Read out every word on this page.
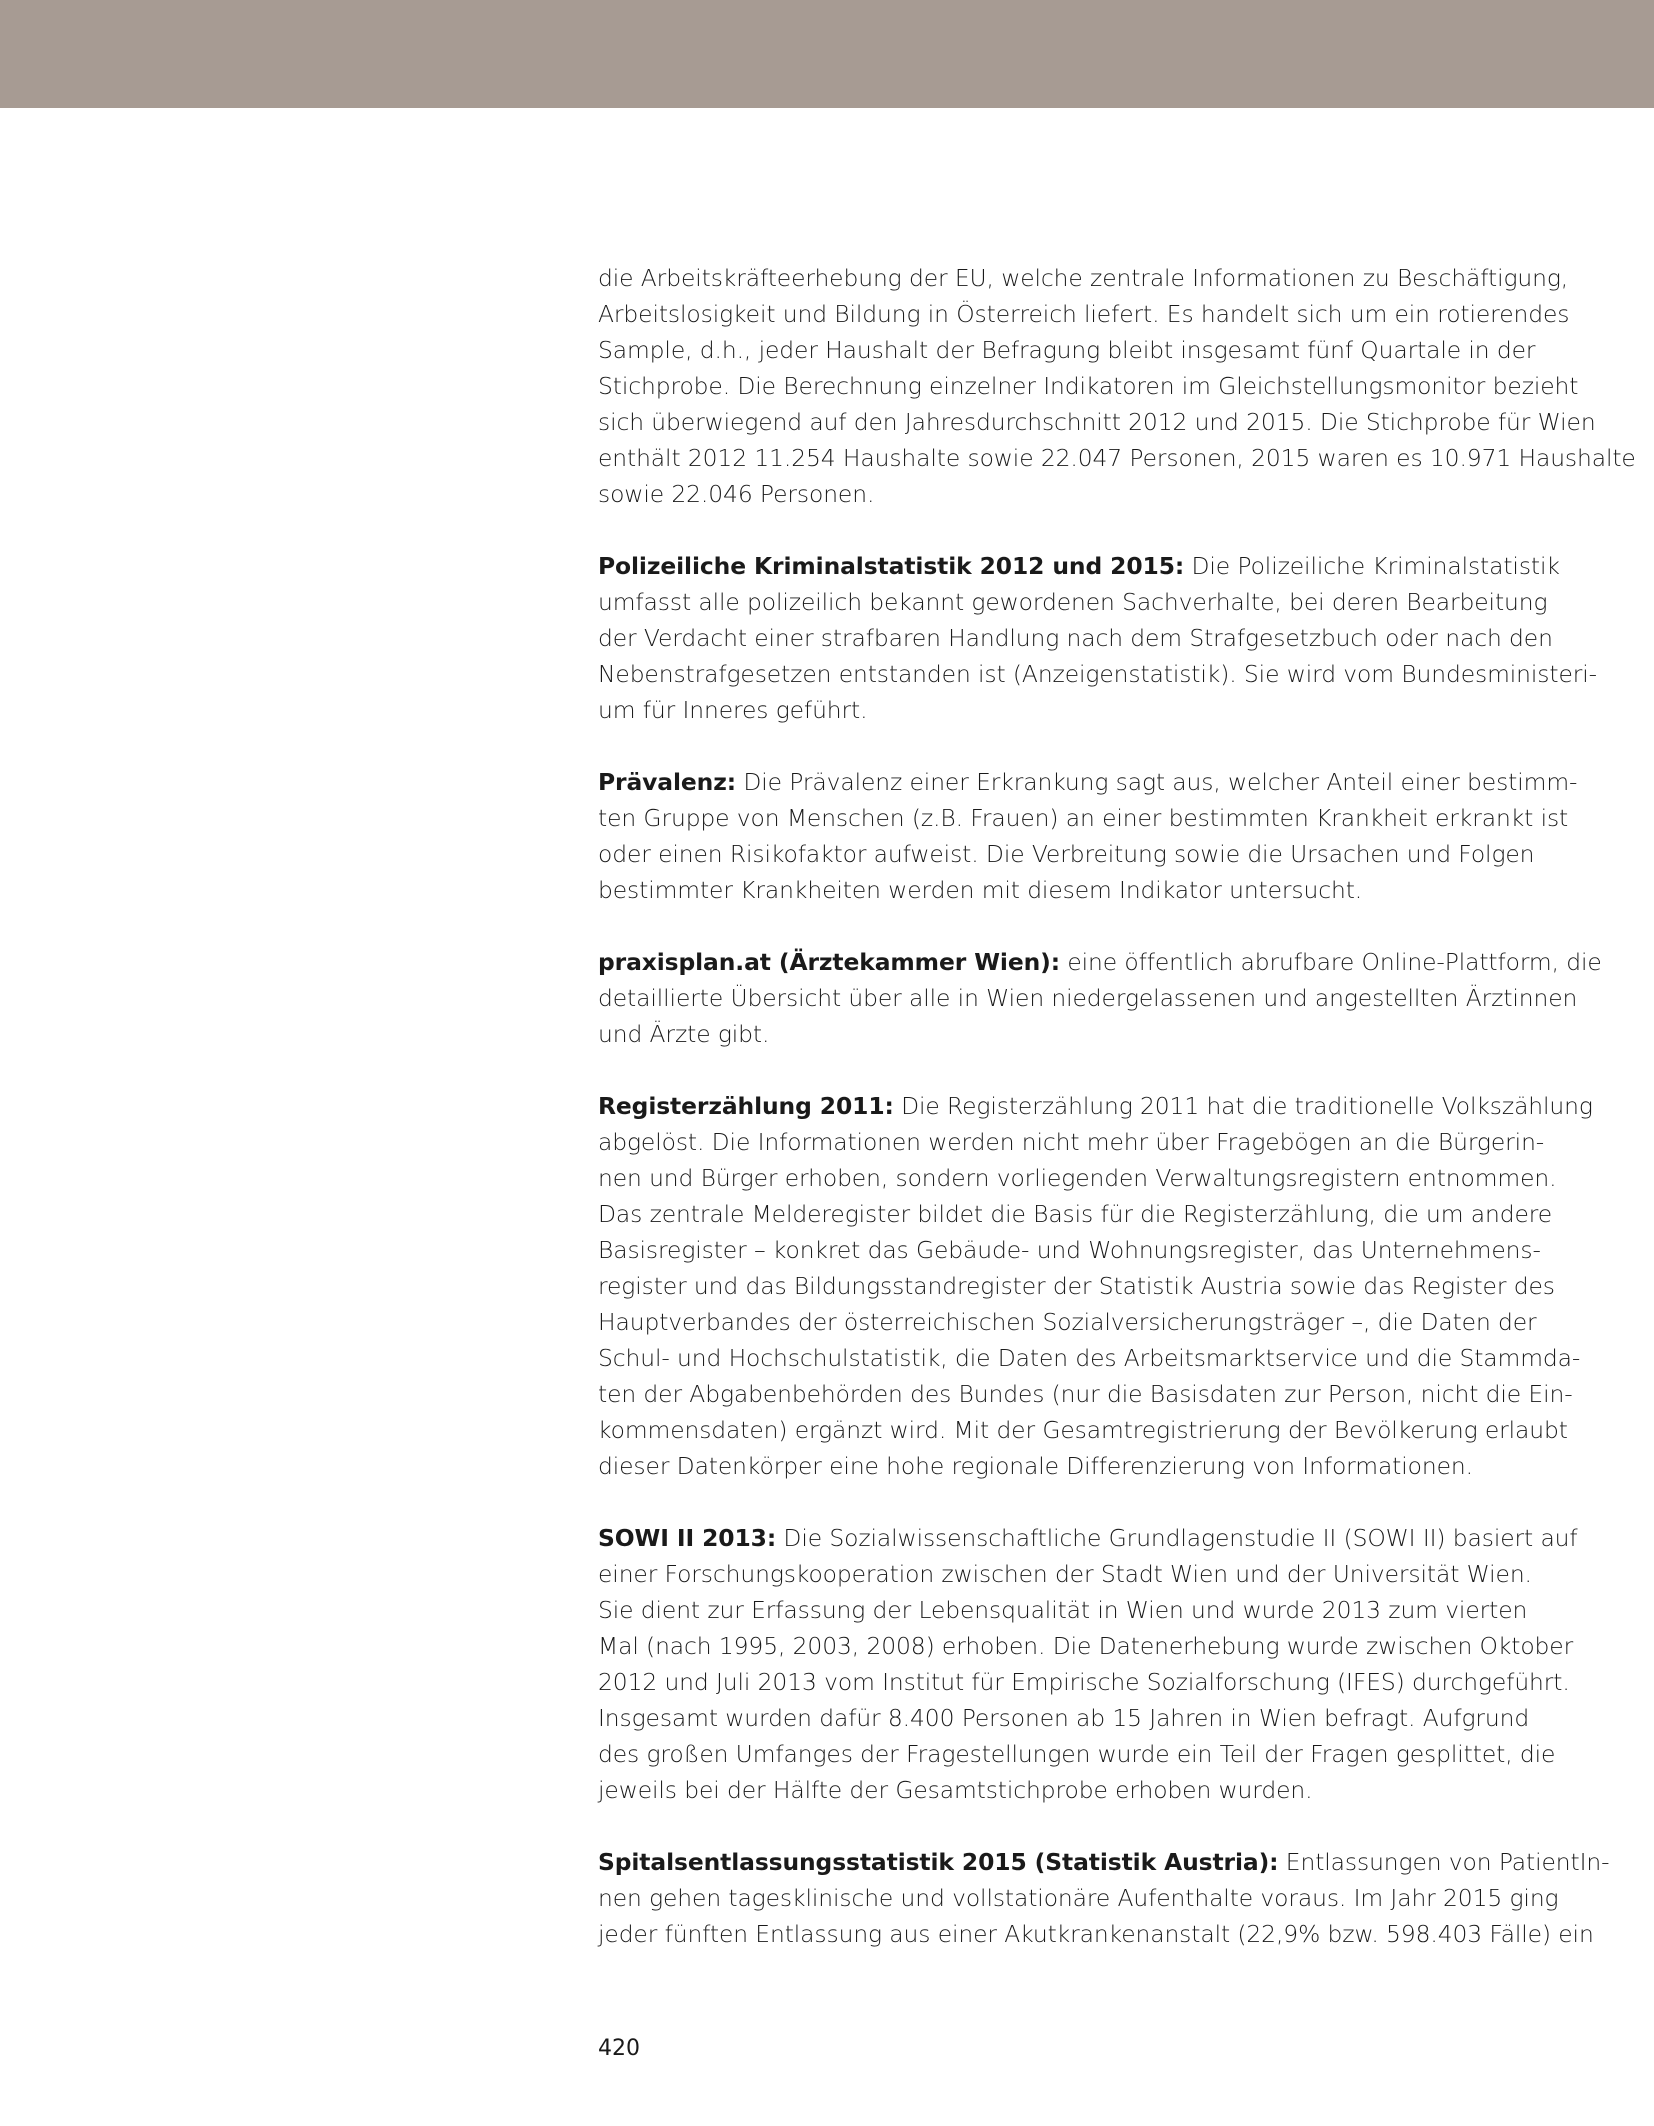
die Arbeitskräfteerhebung der EU, welche zentrale Informationen zu Beschäftigung,
Arbeitslosigkeit und Bildung in Österreich liefert. Es handelt sich um ein rotierendes
Sample, d.h., jeder Haushalt der Befragung bleibt insgesamt fünf Quartale in der
Stichprobe. Die Berechnung einzelner Indikatoren im Gleichstellungsmonitor bezieht
sich überwiegend auf den Jahresdurchschnitt 2012 und 2015. Die Stichprobe für Wien
enthält 2012 11.254 Haushalte sowie 22.047 Personen, 2015 waren es 10.971 Haushalte
sowie 22.046 Personen.

Polizeiliche Kriminalstatistik 2012 und 2015: Die Polizeiliche Kriminalstatistik
umfasst alle polizeilich bekannt gewordenen Sachverhalte, bei deren Bearbeitung
der Verdacht einer strafbaren Handlung nach dem Strafgesetzbuch oder nach den
Nebenstrafgesetzen entstanden ist (Anzeigenstatistik). Sie wird vom Bundesministeri-
um für Inneres geführt.

Prävalenz: Die Prävalenz einer Erkrankung sagt aus, welcher Anteil einer bestimm-
ten Gruppe von Menschen (z.B. Frauen) an einer bestimmten Krankheit erkrankt ist
oder einen Risikofaktor aufweist. Die Verbreitung sowie die Ursachen und Folgen
bestimmter Krankheiten werden mit diesem Indikator untersucht.

praxisplan.at (Ärztekammer Wien): eine öffentlich abrufbare Online-Plattform, die
detaillierte Übersicht über alle in Wien niedergelassenen und angestellten Ärztinnen
und Ärzte gibt.

Registerzählung 2011: Die Registerzählung 2011 hat die traditionelle Volkszählung
abgelöst. Die Informationen werden nicht mehr über Fragebögen an die Bürgerin-
nen und Bürger erhoben, sondern vorliegenden Verwaltungsregistern entnommen.
Das zentrale Melderegister bildet die Basis für die Registerzählung, die um andere
Basisregister – konkret das Gebäude- und Wohnungsregister, das Unternehmens-
register und das Bildungsstandregister der Statistik Austria sowie das Register des
Hauptverbandes der österreichischen Sozialversicherungsträger –, die Daten der
Schul- und Hochschulstatistik, die Daten des Arbeitsmarktservice und die Stammda-
ten der Abgabenbehörden des Bundes (nur die Basisdaten zur Person, nicht die Ein-
kommensdaten) ergänzt wird. Mit der Gesamtregistrierung der Bevölkerung erlaubt
dieser Datenkörper eine hohe regionale Differenzierung von Informationen.

SOWI II 2013: Die Sozialwissenschaftliche Grundlagenstudie II (SOWI II) basiert auf
einer Forschungskooperation zwischen der Stadt Wien und der Universität Wien.
Sie dient zur Erfassung der Lebensqualität in Wien und wurde 2013 zum vierten
Mal (nach 1995, 2003, 2008) erhoben. Die Datenerhebung wurde zwischen Oktober
2012 und Juli 2013 vom Institut für Empirische Sozialforschung (IFES) durchgeführt.
Insgesamt wurden dafür 8.400 Personen ab 15 Jahren in Wien befragt. Aufgrund
des großen Umfanges der Fragestellungen wurde ein Teil der Fragen gesplittet, die
jeweils bei der Hälfte der Gesamtstichprobe erhoben wurden.

Spitalsentlassungsstatistik 2015 (Statistik Austria): Entlassungen von PatientIn-
nen gehen tagesklinische und vollstationäre Aufenthalte voraus. Im Jahr 2015 ging
jeder fünften Entlassung aus einer Akutkrankenanstalt (22,9% bzw. 598.403 Fälle) ein

420
